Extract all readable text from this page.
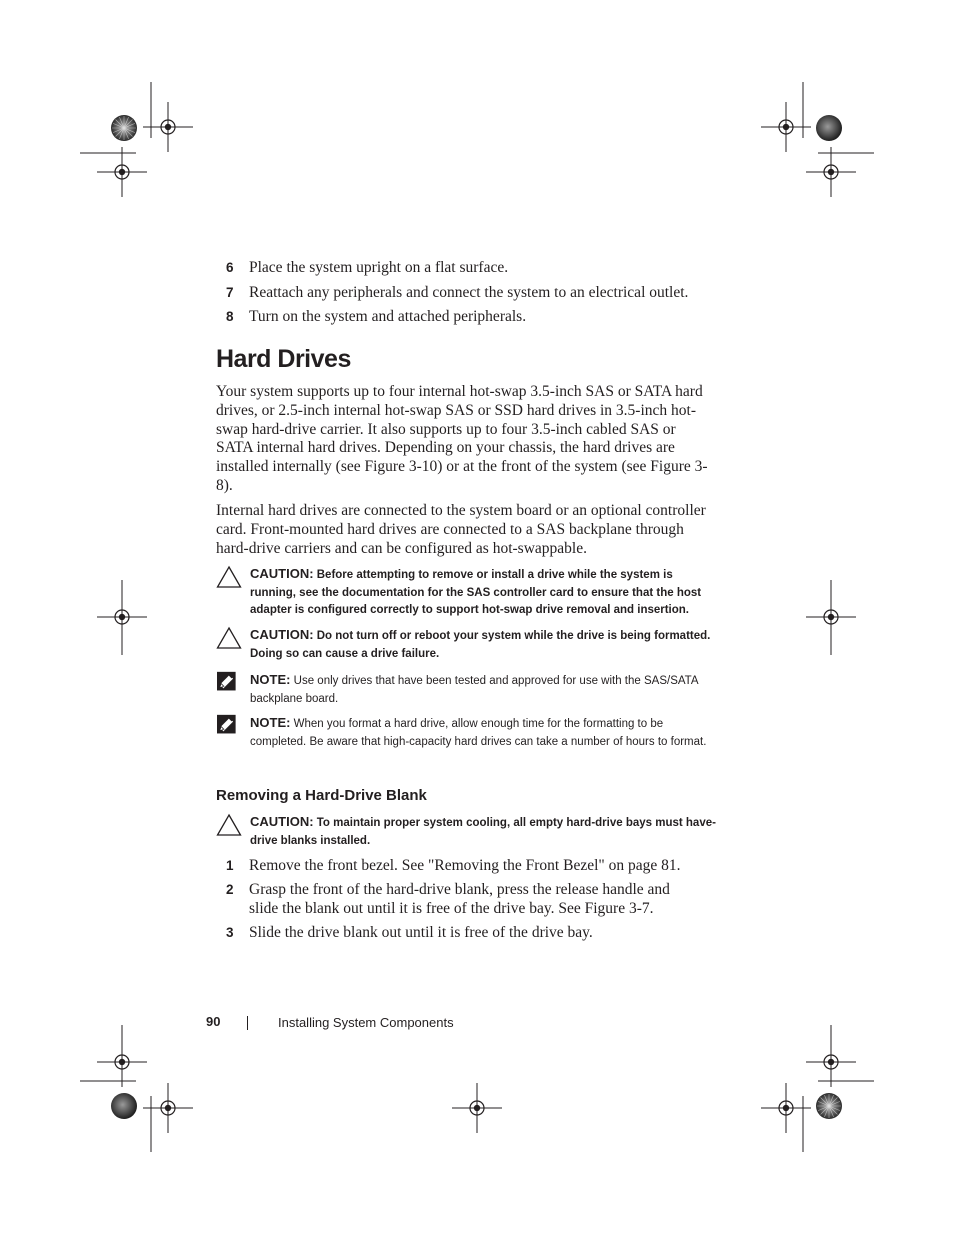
6 Place the system upright on a flat surface.
7 Reattach any peripherals and connect the system to an electrical outlet.
8 Turn on the system and attached peripherals.
Hard Drives

Your system supports up to four internal hot-swap 3.5-inch SAS or SATA hard drives, or 2.5-inch internal hot-swap SAS or SSD hard drives in 3.5-inch hot-swap hard-drive carrier. It also supports up to four 3.5-inch cabled SAS or SATA internal hard drives. Depending on your chassis, the hard drives are installed internally (see Figure 3-10) or at the front of the system (see Figure 3-8).

Internal hard drives are connected to the system board or an optional controller card. Front-mounted hard drives are connected to a SAS backplane through hard-drive carriers and can be configured as hot-swappable.

CAUTION: Before attempting to remove or install a drive while the system is running, see the documentation for the SAS controller card to ensure that the host adapter is configured correctly to support hot-swap drive removal and insertion.
CAUTION: Do not turn off or reboot your system while the drive is being formatted. Doing so can cause a drive failure.
NOTE: Use only drives that have been tested and approved for use with the SAS/SATA backplane board.
NOTE: When you format a hard drive, allow enough time for the formatting to be completed. Be aware that high-capacity hard drives can take a number of hours to format.
Removing a Hard-Drive Blank
CAUTION: To maintain proper system cooling, all empty hard-drive bays must have-drive blanks installed.
1 Remove the front bezel. See "Removing the Front Bezel" on page 81.
2 Grasp the front of the hard-drive blank, press the release handle and slide the blank out until it is free of the drive bay. See Figure 3-7.
3 Slide the drive blank out until it is free of the drive bay.
90	Installing System Components
